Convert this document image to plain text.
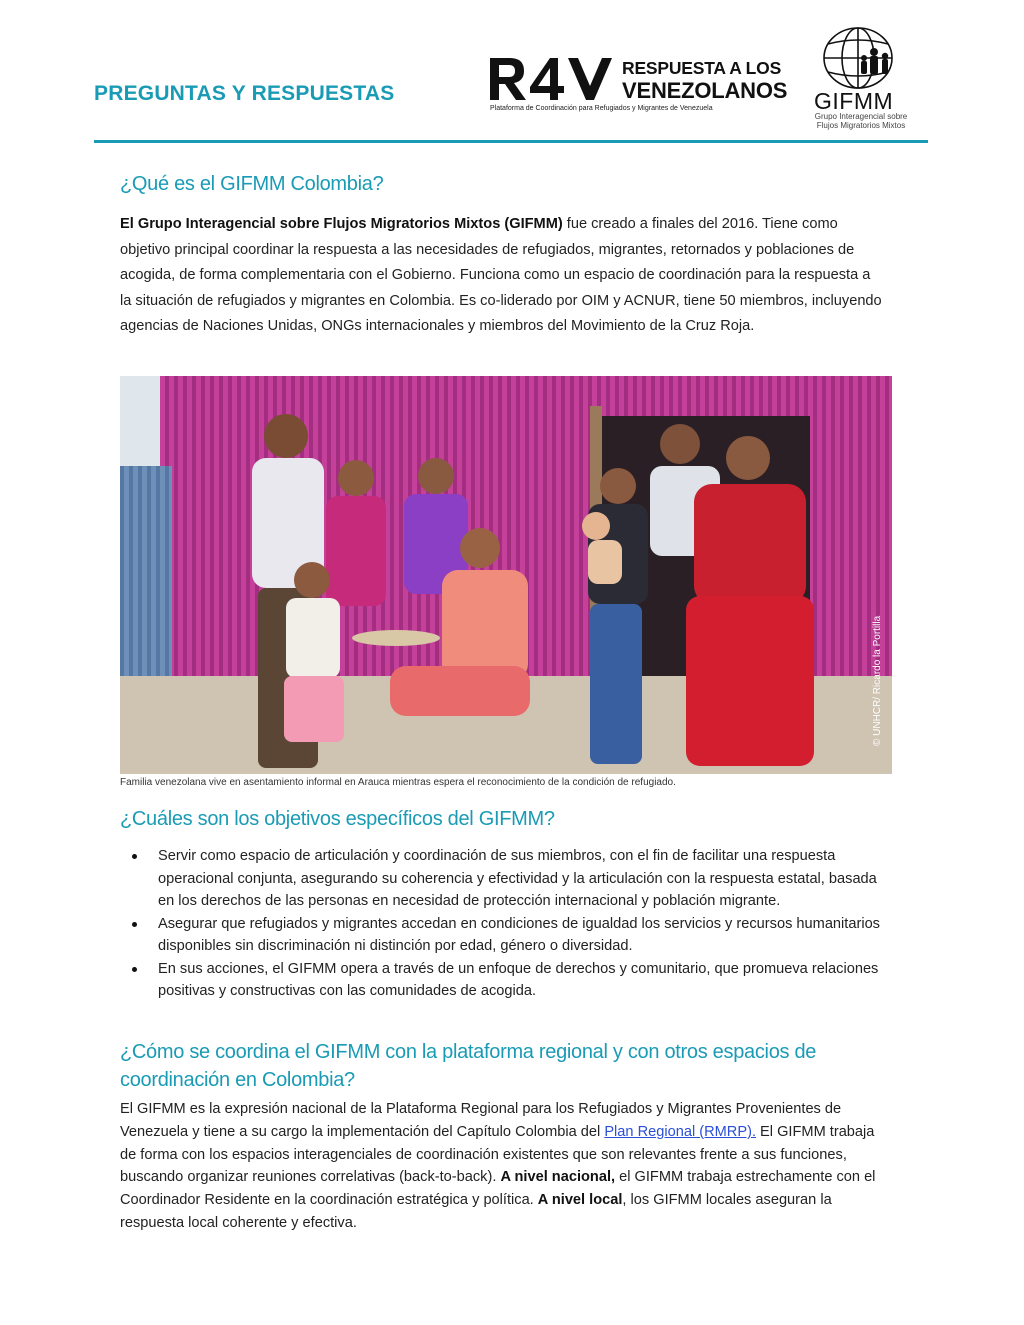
PREGUNTAS Y RESPUESTAS
RESPUESTA A LOS
VENEZOLANOS
Plataforma de Coordinación para Refugiados y Migrantes de Venezuela	GIFMM
Grupo Interagencial sobre
Flujos Migratorios Mixtos
¿Qué es el GIFMM Colombia?

El Grupo Interagencial sobre Flujos Migratorios Mixtos (GIFMM) fue creado a finales del 2016. Tiene como objetivo principal coordinar la respuesta a las necesidades de refugiados, migrantes, retornados y poblaciones de acogida, de forma complementaria con el Gobierno. Funciona como un espacio de coordinación para la respuesta a la situación de refugiados y migrantes en Colombia. Es co-liderado por OIM y ACNUR, tiene 50 miembros, incluyendo agencias de Naciones Unidas, ONGs internacionales y miembros del Movimiento de la Cruz Roja.

© UNHCR/ Ricardo la Portilla
Familia venezolana vive en asentamiento informal en Arauca mientras espera el reconocimiento de la condición de refugiado.
¿Cuáles son los objetivos específicos del GIFMM?
Servir como espacio de articulación y coordinación de sus miembros, con el fin de facilitar una respuesta operacional conjunta, asegurando su coherencia y efectividad y la articulación con la respuesta estatal, basada en los derechos de las personas en necesidad de protección internacional y población migrante.
Asegurar que refugiados y migrantes accedan en condiciones de igualdad los servicios y recursos humanitarios disponibles sin discriminación ni distinción por edad, género o diversidad.
En sus acciones, el GIFMM opera a través de un enfoque de derechos y comunitario, que promueva relaciones positivas y constructivas con las comunidades de acogida.
¿Cómo se coordina el GIFMM con la plataforma regional y con otros espacios de coordinación en Colombia?

El GIFMM es la expresión nacional de la Plataforma Regional para los Refugiados y Migrantes Provenientes de Venezuela y tiene a su cargo la implementación del Capítulo Colombia del Plan Regional (RMRP). El GIFMM trabaja de forma con los espacios interagenciales de coordinación existentes que son relevantes frente a sus funciones, buscando organizar reuniones correlativas (back-to-back). A nivel nacional, el GIFMM trabaja estrechamente con el Coordinador Residente en la coordinación estratégica y política. A nivel local, los GIFMM locales aseguran la respuesta local coherente y efectiva.
